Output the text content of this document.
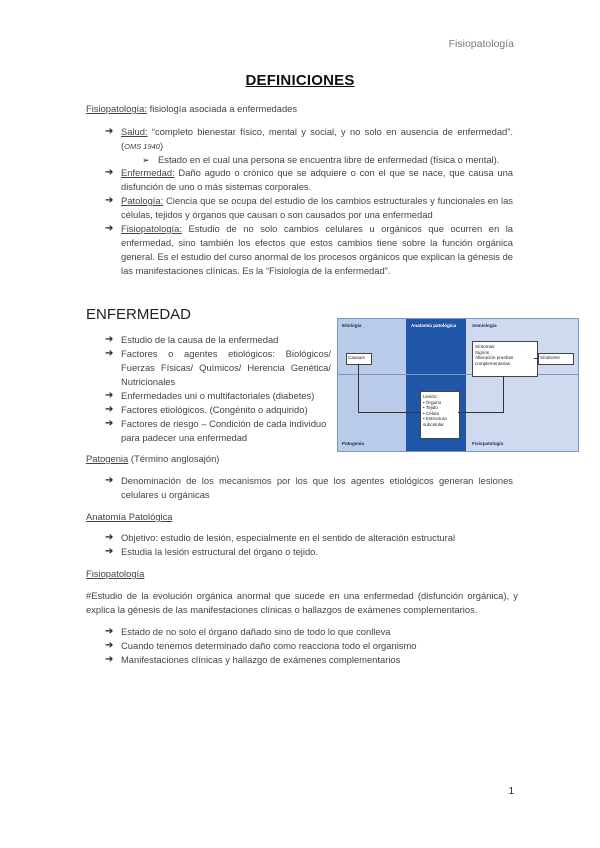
Fisiopatología
DEFINICIONES
Fisiopatología: fisiología asociada a enfermedades
➔ Salud: “completo bienestar físico, mental y social, y no solo en ausencia de enfermedad”. (OMS 1940)
➢ Estado en el cual una persona se encuentra libre de enfermedad (física o mental).
➔ Enfermedad: Daño agudo o crónico que se adquiere o con el que se nace, que causa una disfunción de uno o más sistemas corporales.
➔ Patología: Ciencia que se ocupa del estudio de los cambios estructurales y funcionales en las células, tejidos y órganos que causan o son causados por una enfermedad
➔ Fisiopatología: Estudio de no solo cambios celulares u orgánicos que ocurren en la enfermedad, sino también los efectos que estos cambios tiene sobre la función orgánica general. Es el estudio del curso anormal de los procesos orgánicos que explican la génesis de las manifestaciones clínicas. Es la “Fisiología de la enfermedad”.
ENFERMEDAD
➔ Estudio de la causa de la enfermedad
➔ Factores o agentes etiológicos: Biológicos/ Fuerzas Físicas/ Químicos/ Herencia Genética/ Nutricionales
➔ Enfermedades uni o multifactoriales (diabetes)
➔ Factores etiológicos. (Congénito o adquirido)
➔ Factores de riesgo – Condición de cada individuo para padecer una enfermedad
Etiología	Anatomía patológica	Semiología
Patogenia	Fisiopatología
Causa/s
Síntomas
Signos
Alteración pruebas
complementarias
Síndrome
Lesión:
• Órgano
• Tejido
• Célula
• Estructura
subcelular
Patogenia (Término anglosajón)
➔ Denominación de los mecanismos por los que los agentes etiológicos generan lesiones celulares u orgánicas
Anatomía Patológica
➔ Objetivo: estudio de lesión, especialmente en el sentido de alteración estructural
➔ Estudia la lesión estructural del órgano o tejido.
Fisiopatología
#Estudio de la evolución orgánica anormal que sucede en una enfermedad (disfunción orgánica), y explica la génesis de las manifestaciones clínicas o hallazgos de exámenes complementarios.
➔ Estado de no solo el órgano dañado sino de todo lo que conlleva
➔ Cuando tenemos determinado daño como reacciona todo el organismo
➔ Manifestaciones clínicas y hallazgo de exámenes complementarios
1
